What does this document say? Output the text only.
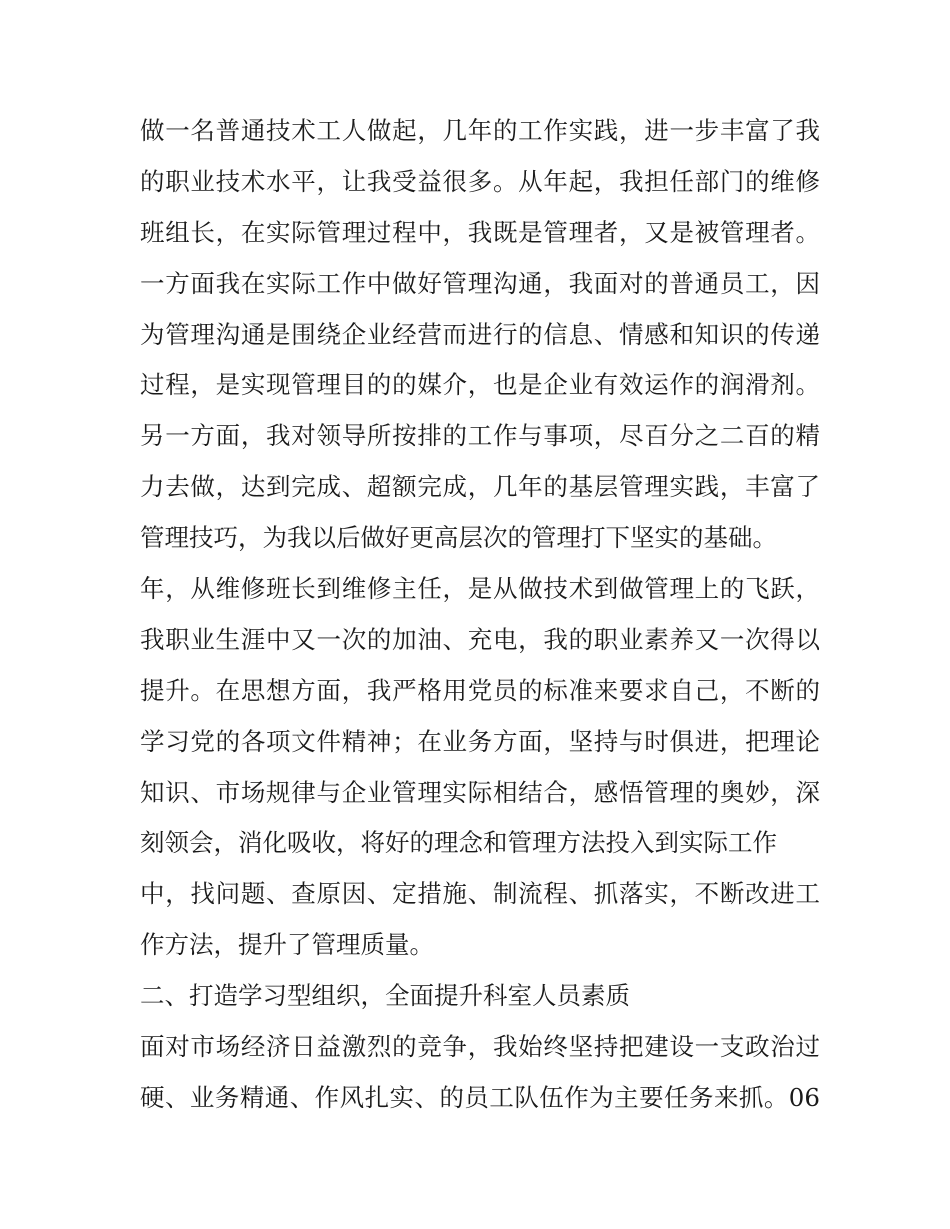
做一名普通技术工人做起，几年的工作实践，进一步丰富了我
的职业技术水平，让我受益很多。从年起，我担任部门的维修
班组长，在实际管理过程中，我既是管理者，又是被管理者。
一方面我在实际工作中做好管理沟通，我面对的普通员工，因
为管理沟通是围绕企业经营而进行的信息、情感和知识的传递
过程，是实现管理目的的媒介，也是企业有效运作的润滑剂。
另一方面，我对领导所按排的工作与事项，尽百分之二百的精
力去做，达到完成、超额完成，几年的基层管理实践，丰富了
管理技巧，为我以后做好更高层次的管理打下坚实的基础。
年，从维修班长到维修主任，是从做技术到做管理上的飞跃，
我职业生涯中又一次的加油、充电，我的职业素养又一次得以
提升。在思想方面，我严格用党员的标准来要求自己，不断的
学习党的各项文件精神；在业务方面，坚持与时俱进，把理论
知识、市场规律与企业管理实际相结合，感悟管理的奥妙，深
刻领会，消化吸收，将好的理念和管理方法投入到实际工作
中，找问题、查原因、定措施、制流程、抓落实，不断改进工
作方法，提升了管理质量。
二、打造学习型组织，全面提升科室人员素质
面对市场经济日益激烈的竞争，我始终坚持把建设一支政治过
硬、业务精通、作风扎实、的员工队伍作为主要任务来抓。06
